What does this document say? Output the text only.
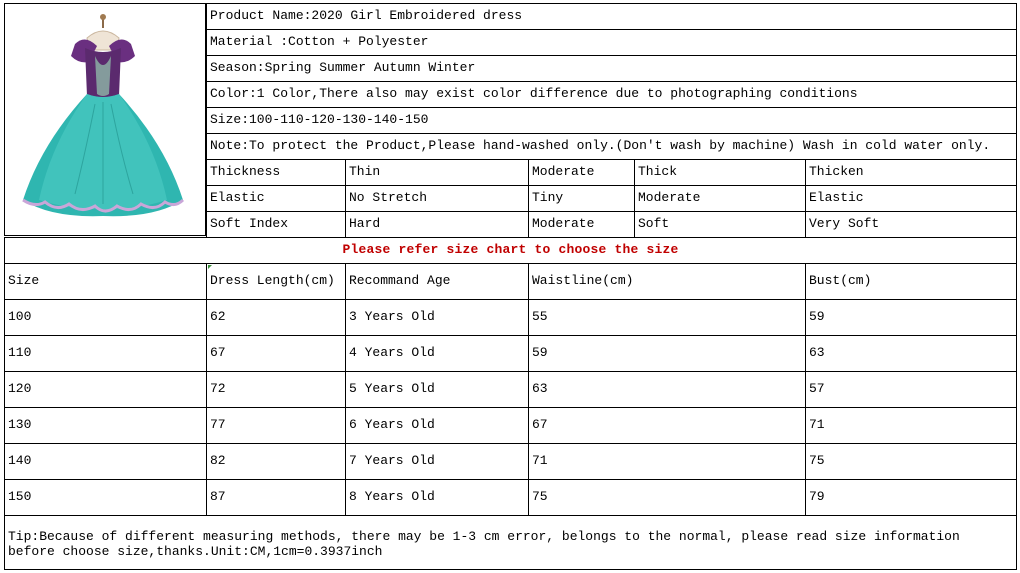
Product Name:2020 Girl Embroidered dress
Material :Cotton + Polyester
Season:Spring Summer Autumn Winter
Color:1 Color,There also may exist color difference due to photographing conditions
Size:100-110-120-130-140-150
Note:To protect the Product,Please hand-washed only.(Don't wash by machine) Wash in cold water only.
Thickness	Thin	Moderate	Thick	Thicken
Elastic	No Stretch	Tiny	Moderate	Elastic
Soft Index	Hard	Moderate	Soft	Very Soft
Please refer size chart to choose the size
Size	Dress Length(cm)	Recommand Age	Waistline(cm)	Bust(cm)
100	62	3 Years Old	55	59
110	67	4 Years Old	59	63
120	72	5 Years Old	63	57
130	77	6 Years Old	67	71
140	82	7 Years Old	71	75
150	87	8 Years Old	75	79
Tip:Because of different measuring methods, there may be 1-3 cm error, belongs to the normal, please read size information before choose size,thanks.Unit:CM,1cm=0.3937inch
